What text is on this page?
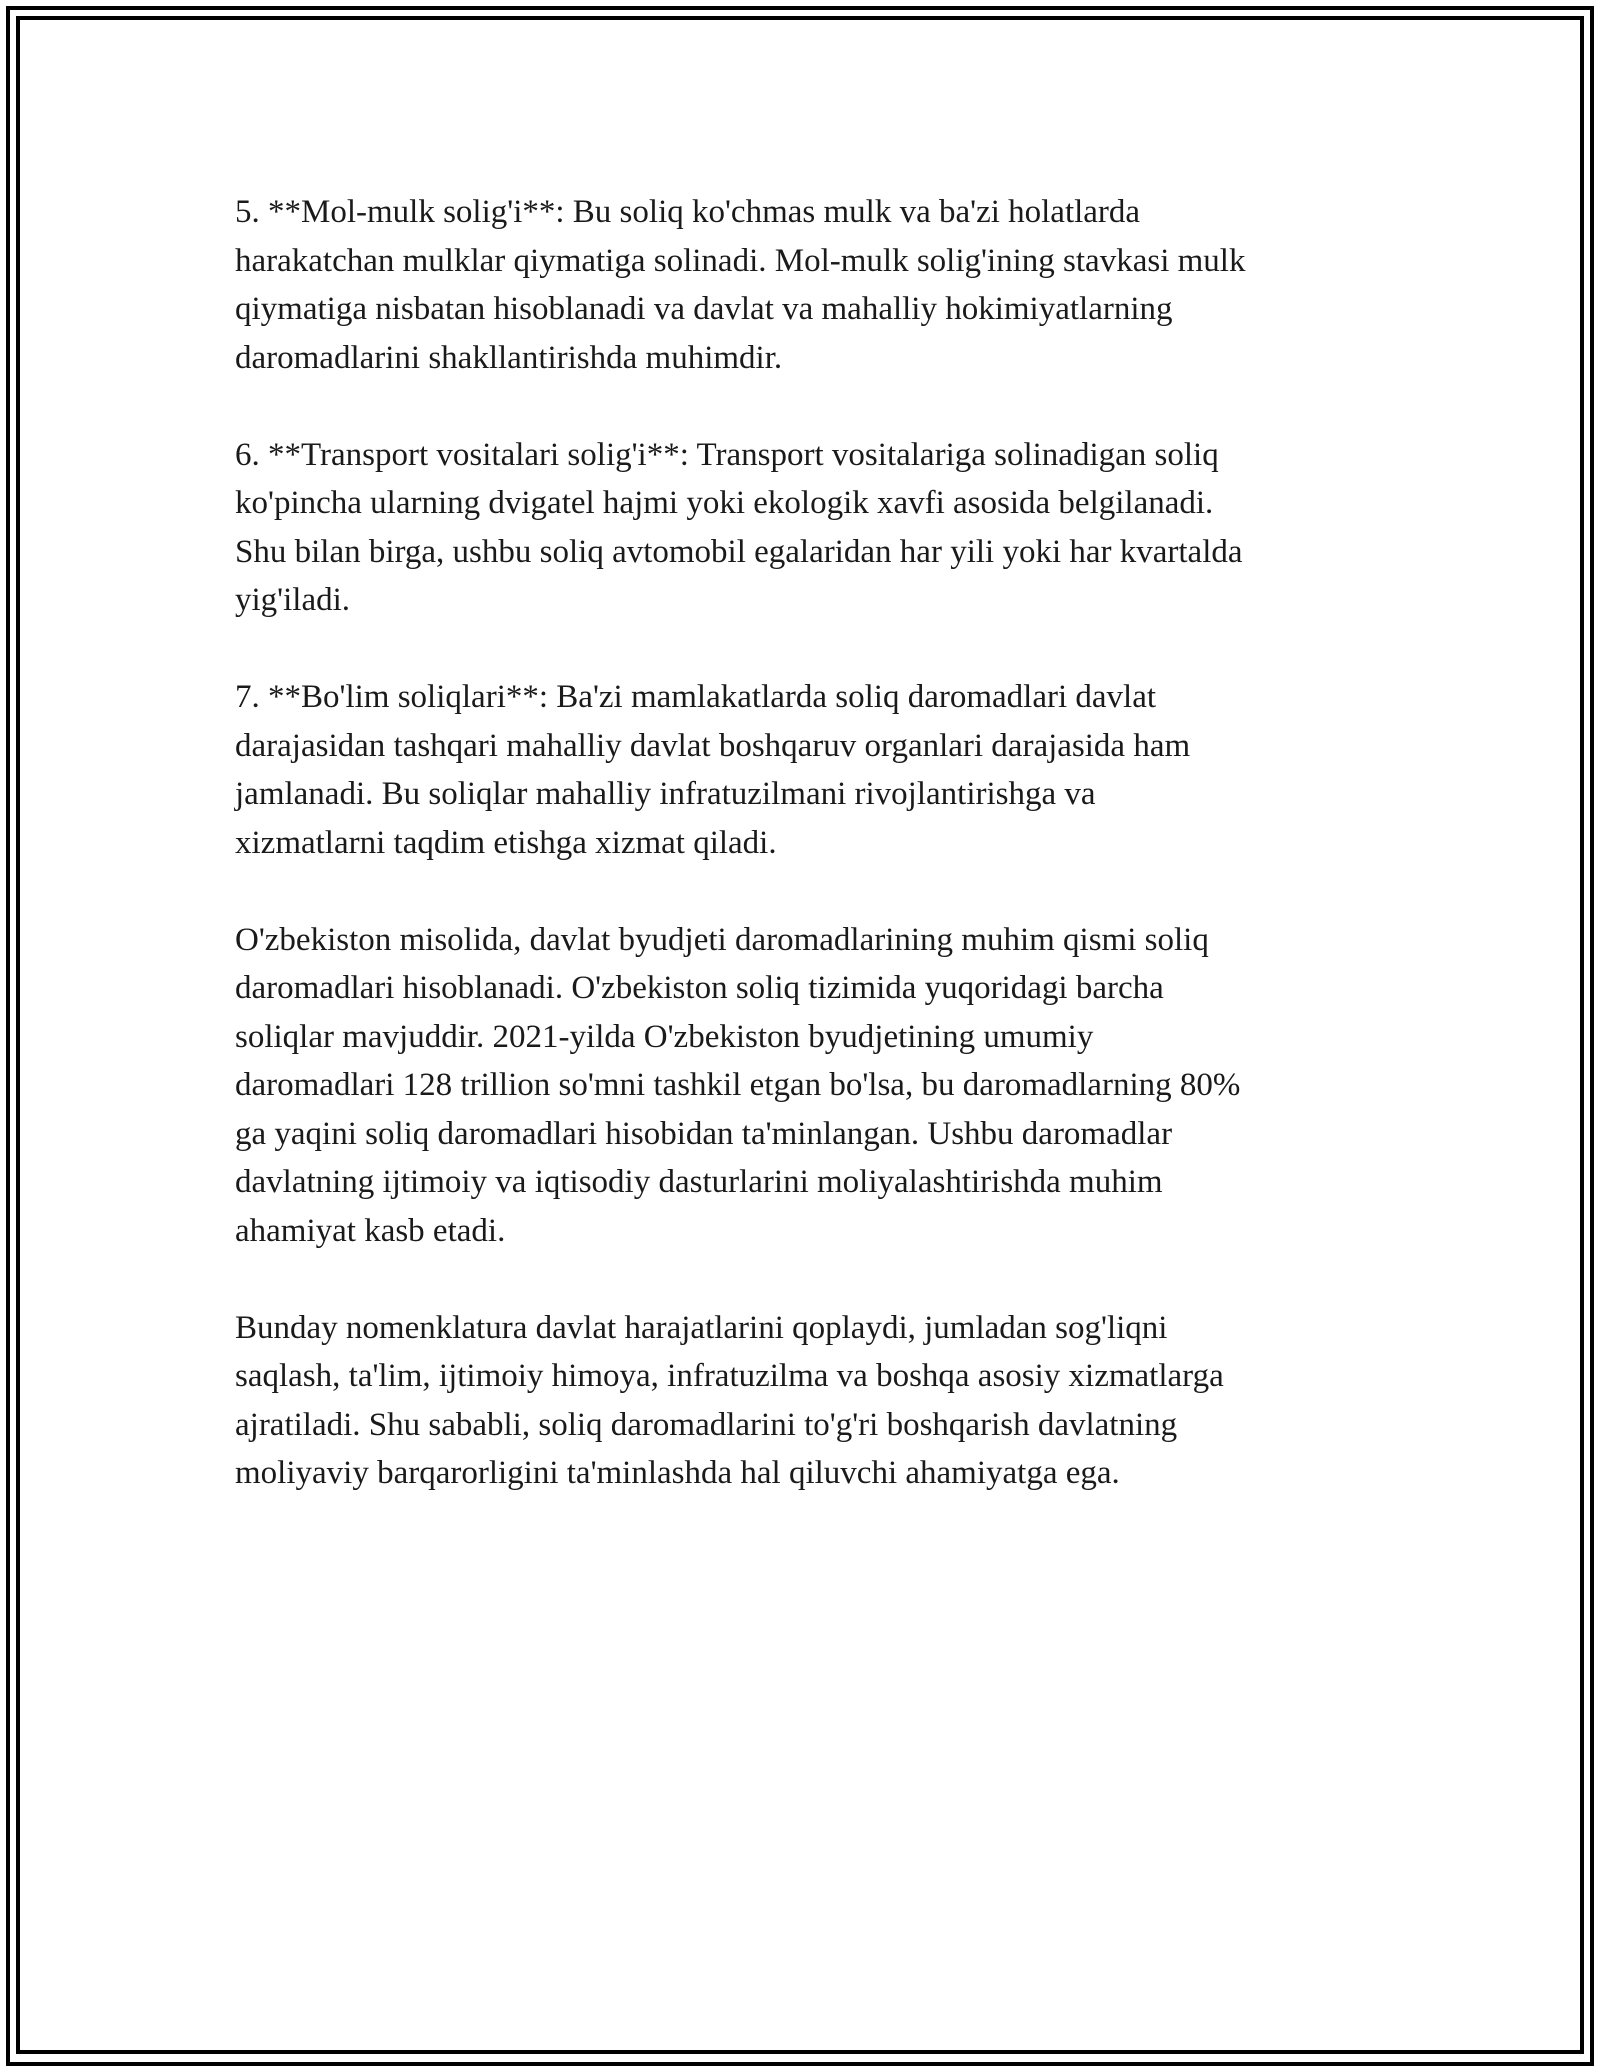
5. **Mol-mulk solig'i**: Bu soliq ko'chmas mulk va ba'zi holatlarda
harakatchan mulklar qiymatiga solinadi. Mol-mulk solig'ining stavkasi mulk
qiymatiga nisbatan hisoblanadi va davlat va mahalliy hokimiyatlarning
daromadlarini shakllantirishda muhimdir.

6. **Transport vositalari solig'i**: Transport vositalariga solinadigan soliq
ko'pincha ularning dvigatel hajmi yoki ekologik xavfi asosida belgilanadi.
Shu bilan birga, ushbu soliq avtomobil egalaridan har yili yoki har kvartalda
yig'iladi.

7. **Bo'lim soliqlari**: Ba'zi mamlakatlarda soliq daromadlari davlat
darajasidan tashqari mahalliy davlat boshqaruv organlari darajasida ham
jamlanadi. Bu soliqlar mahalliy infratuzilmani rivojlantirishga va
xizmatlarni taqdim etishga xizmat qiladi.

O'zbekiston misolida, davlat byudjeti daromadlarining muhim qismi soliq
daromadlari hisoblanadi. O'zbekiston soliq tizimida yuqoridagi barcha
soliqlar mavjuddir. 2021-yilda O'zbekiston byudjetining umumiy
daromadlari 128 trillion so'mni tashkil etgan bo'lsa, bu daromadlarning 80%
ga yaqini soliq daromadlari hisobidan ta'minlangan. Ushbu daromadlar
davlatning ijtimoiy va iqtisodiy dasturlarini moliyalashtirishda muhim
ahamiyat kasb etadi.

Bunday nomenklatura davlat harajatlarini qoplaydi, jumladan sog'liqni
saqlash, ta'lim, ijtimoiy himoya, infratuzilma va boshqa asosiy xizmatlarga
ajratiladi. Shu sababli, soliq daromadlarini to'g'ri boshqarish davlatning
moliyaviy barqarorligini ta'minlashda hal qiluvchi ahamiyatga ega.
